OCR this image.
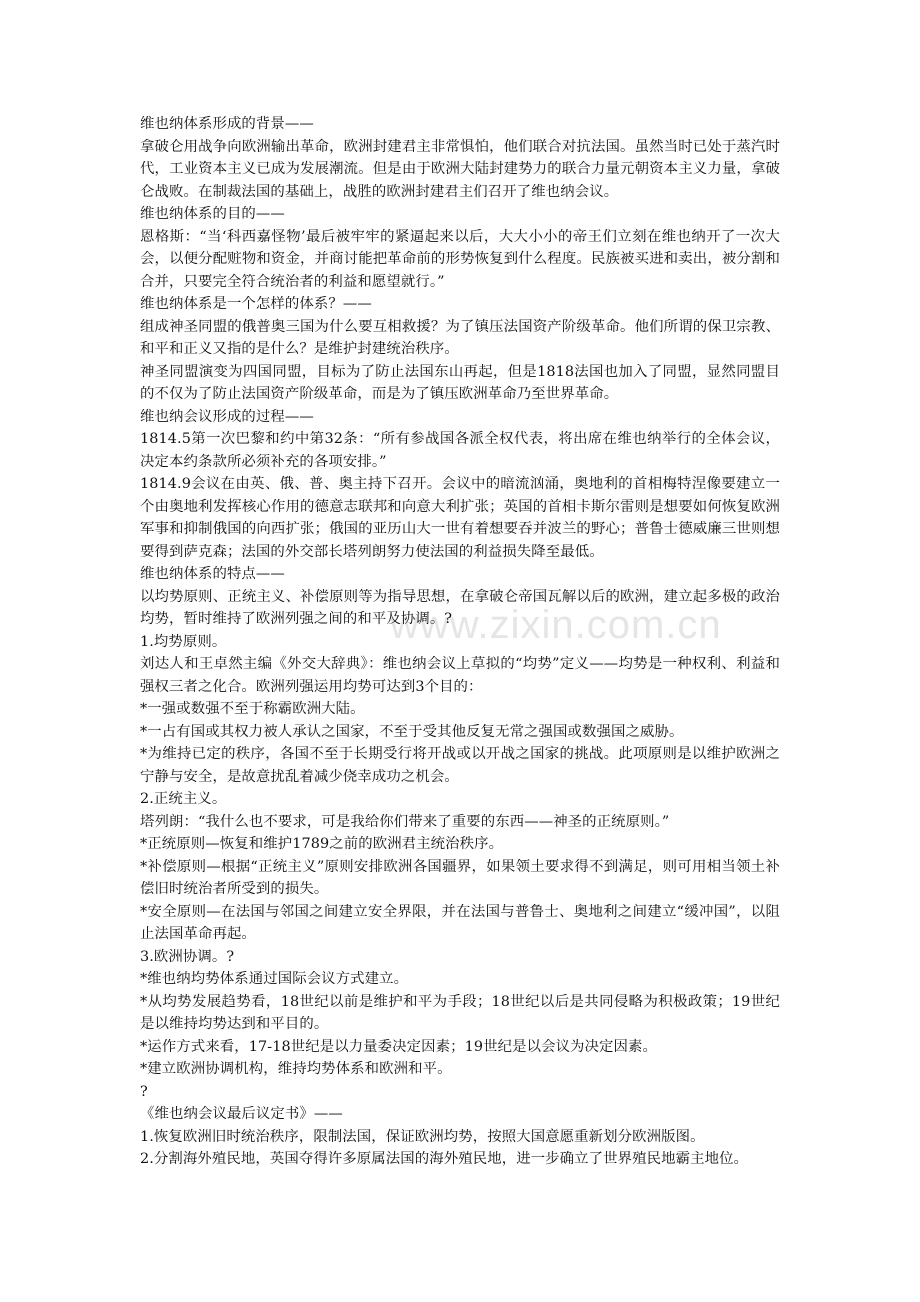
www.zixin.com.cn

维也纳体系形成的背景——

拿破仑用战争向欧洲输出革命，欧洲封建君主非常惧怕，他们联合对抗法国。虽然当时已处于蒸汽时代，工业资本主义已成为发展潮流。但是由于欧洲大陆封建势力的联合力量元朝资本主义力量，拿破仑战败。在制裁法国的基础上，战胜的欧洲封建君主们召开了维也纳会议。

维也纳体系的目的——

恩格斯：“当‘科西嘉怪物’最后被牢牢的紧逼起来以后，大大小小的帝王们立刻在维也纳开了一次大会，以便分配赃物和资金，并商讨能把革命前的形势恢复到什么程度。民族被买进和卖出，被分割和合并，只要完全符合统治者的利益和愿望就行。”

维也纳体系是一个怎样的体系？——

组成神圣同盟的俄普奥三国为什么要互相救援？为了镇压法国资产阶级革命。他们所谓的保卫宗教、和平和正义又指的是什么？是维护封建统治秩序。

神圣同盟演变为四国同盟，目标为了防止法国东山再起，但是1818法国也加入了同盟，显然同盟目的不仅为了防止法国资产阶级革命，而是为了镇压欧洲革命乃至世界革命。

维也纳会议形成的过程——

1814.5第一次巴黎和约中第32条：“所有参战国各派全权代表，将出席在维也纳举行的全体会议，决定本约条款所必须补充的各项安排。”

1814.9会议在由英、俄、普、奥主持下召开。会议中的暗流汹涌，奥地利的首相梅特涅像要建立一个由奥地利发挥核心作用的德意志联邦和向意大利扩张；英国的首相卡斯尔雷则是想要如何恢复欧洲军事和抑制俄国的向西扩张；俄国的亚历山大一世有着想要吞并波兰的野心；普鲁士德威廉三世则想要得到萨克森；法国的外交部长塔列朗努力使法国的利益损失降至最低。

维也纳体系的特点——

以均势原则、正统主义、补偿原则等为指导思想，在拿破仑帝国瓦解以后的欧洲，建立起多极的政治均势，暂时维持了欧洲列强之间的和平及协调。?

1.均势原则。

刘达人和王卓然主编《外交大辞典》：维也纳会议上草拟的“均势”定义——均势是一种权利、利益和强权三者之化合。欧洲列强运用均势可达到3个目的：

*一强或数强不至于称霸欧洲大陆。

*一占有国或其权力被人承认之国家，不至于受其他反复无常之强国或数强国之威胁。

*为维持已定的秩序，各国不至于长期受行将开战或以开战之国家的挑战。此项原则是以维护欧洲之宁静与安全，是故意扰乱着减少侥幸成功之机会。

2.正统主义。

塔列朗：“我什么也不要求，可是我给你们带来了重要的东西——神圣的正统原则。”

*正统原则—恢复和维护1789之前的欧洲君主统治秩序。

*补偿原则—根据“正统主义”原则安排欧洲各国疆界，如果领土要求得不到满足，则可用相当领土补偿旧时统治者所受到的损失。

*安全原则—在法国与邻国之间建立安全界限，并在法国与普鲁士、奥地利之间建立“缓冲国”，以阻止法国革命再起。

3.欧洲协调。?

*维也纳均势体系通过国际会议方式建立。

*从均势发展趋势看，18世纪以前是维护和平为手段；18世纪以后是共同侵略为积极政策；19世纪是以维持均势达到和平目的。

*运作方式来看，17-18世纪是以力量委决定因素；19世纪是以会议为决定因素。

*建立欧洲协调机构，维持均势体系和欧洲和平。

?

《维也纳会议最后议定书》——

1.恢复欧洲旧时统治秩序，限制法国，保证欧洲均势，按照大国意愿重新划分欧洲版图。

2.分割海外殖民地，英国夺得许多原属法国的海外殖民地，进一步确立了世界殖民地霸主地位。
